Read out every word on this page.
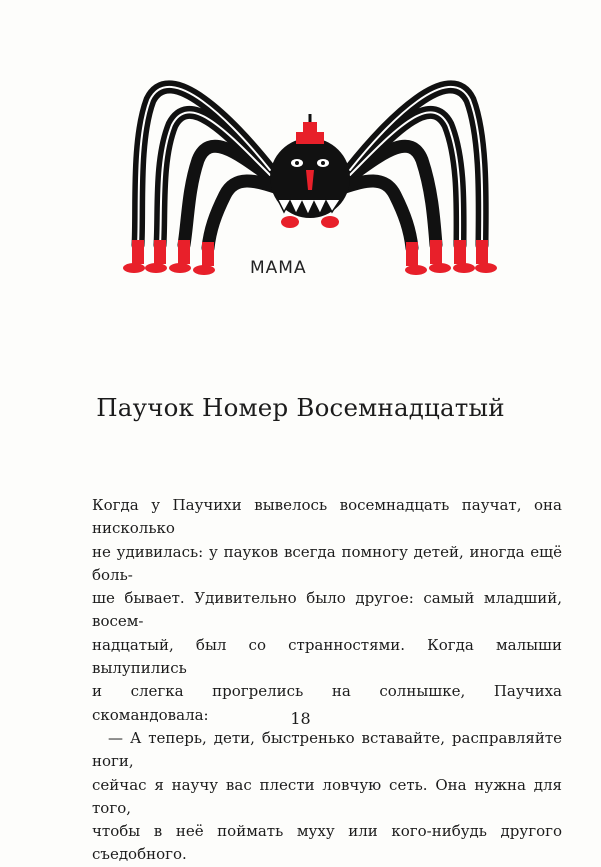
МАМА
Паучок Номер Восемнадцатый

Когда у Паучихи вывелось восемнадцать паучат, она нисколько

не удивилась: у пауков всегда помногу детей, иногда ещё боль-

ше бывает. Удивительно было другое: самый младший, восем-

надцатый, был со странностями. Когда малыши вылупились

и слегка прогрелись на солнышке, Паучиха скомандовала:

— А теперь, дети, быстренько вставайте, расправляйте ноги,

сейчас я научу вас плести ловчую сеть. Она нужна для того,

чтобы в неё поймать муху или кого-нибудь другого съедобного.

18
